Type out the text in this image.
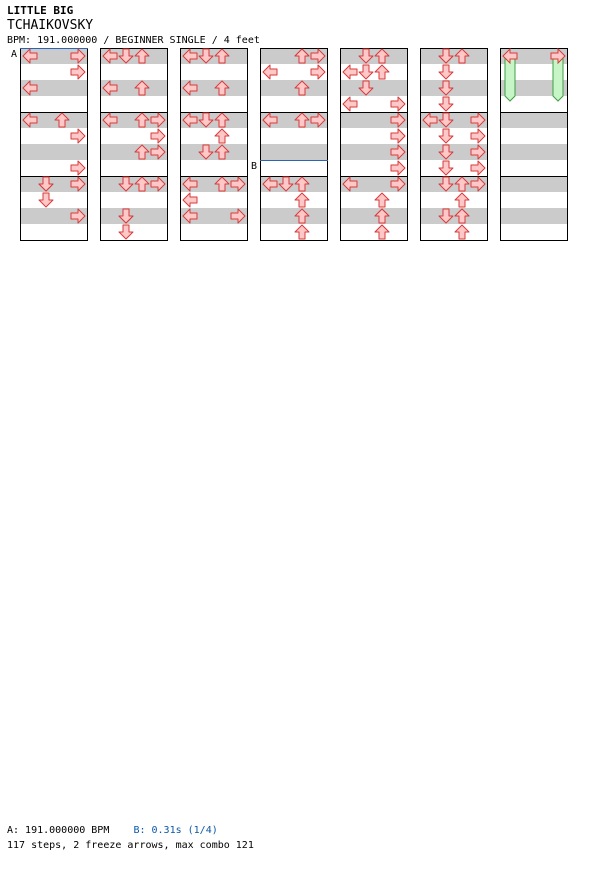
LITTLE BIG
TCHAIKOVSKY
BPM: 191.000000 / BEGINNER SINGLE / 4 feet
A
B
A: 191.000000 BPM B: 0.31s (1/4)
117 steps, 2 freeze arrows, max combo 121
